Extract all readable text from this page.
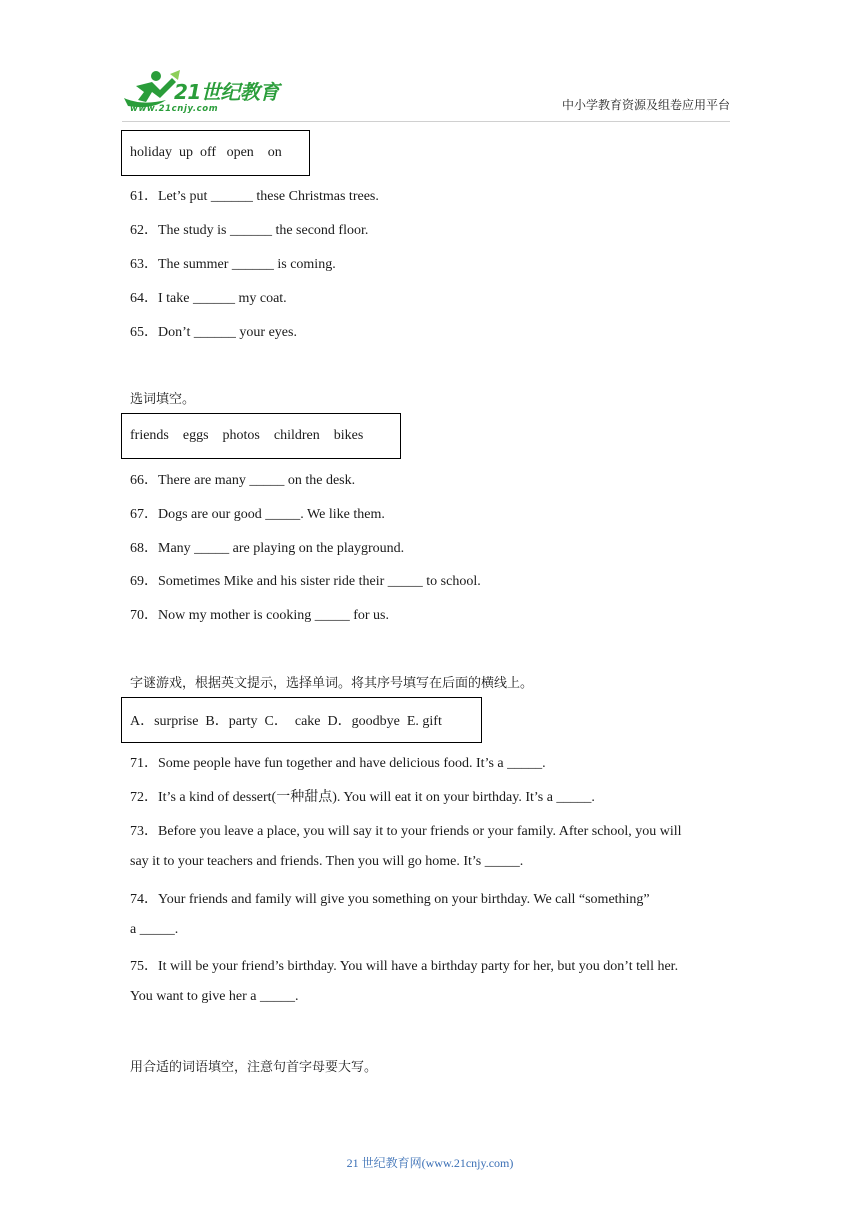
21世纪教育
www.21cnjy.com	中小学教育资源及组卷应用平台
holiday  up  off   open    on
61．Let’s put ______ these Christmas trees.
62．The study is ______ the second floor.
63．The summer ______ is coming.
64．I take ______ my coat.
65．Don’t ______ your eyes.
选词填空。
friends    eggs    photos    children    bikes
66．There are many _____ on the desk.
67．Dogs are our good _____. We like them.
68．Many _____ are playing on the playground.
69．Sometimes Mike and his sister ride their _____ to school.
70．Now my mother is cooking _____ for us.
字谜游戏，根据英文提示，选择单词。将其序号填写在后面的横线上。
A．surprise  B．party  C．  cake  D．goodbye  E. gift
71．Some people have fun together and have delicious food. It’s a _____.
72．It’s a kind of dessert(一种甜点). You will eat it on your birthday. It’s a _____.
73．Before you leave a place, you will say it to your friends or your family. After school, you will
say it to your teachers and friends. Then you will go home. It’s _____.
74．Your friends and family will give you something on your birthday. We call “something”
a _____.
75．It will be your friend’s birthday. You will have a birthday party for her, but you don’t tell her.
You want to give her a _____.
用合适的词语填空，注意句首字母要大写。
21 世纪教育网(www.21cnjy.com)
